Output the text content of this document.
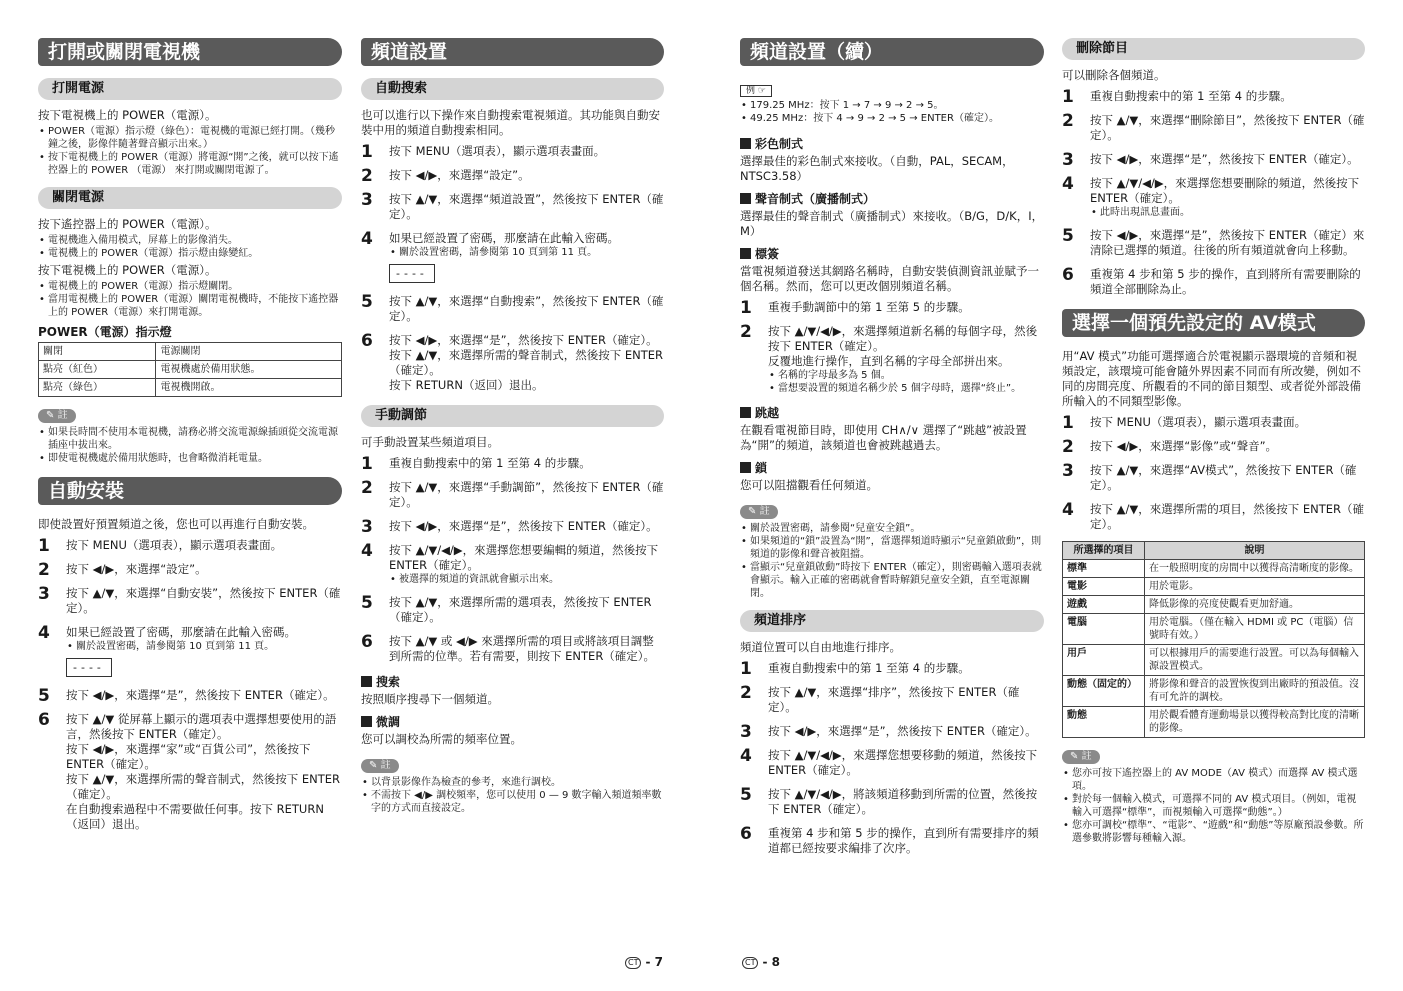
打開或關閉電視機
打開電源
按下電視機上的 POWER（電源）。
• POWER（電源）指示燈（綠色）：電視機的電源已經打開。（幾秒鐘之後，影像伴隨著聲音顯示出來。）
• 按下電視機上的 POWER（電源）將電源“開”之後，就可以按下遙控器上的 POWER （電源） 來打開或關閉電源了。
關閉電源
按下遙控器上的 POWER（電源）。
• 電視機進入備用模式，屏幕上的影像消失。
• 電視機上的 POWER（電源）指示燈由綠變紅。
按下電視機上的 POWER（電源）。
• 電視機上的 POWER（電源）指示燈關閉。
• 當用電視機上的 POWER（電源）關閉電視機時，不能按下遙控器上的 POWER（電源）來打開電源。
POWER（電源）指示燈
關閉	電源關閉
點亮（紅色）	電視機處於備用狀態。
點亮（綠色）	電視機開啟。
✎ 註
• 如果長時間不使用本電視機，請務必將交流電源線插頭從交流電源插座中拔出來。
• 即使電視機處於備用狀態時，也會略微消耗電量。
自動安裝
即使設置好預置頻道之後，您也可以再進行自動安裝。
1 按下 MENU（選項表），顯示選項表畫面。
2 按下 ◀/▶，來選擇“設定”。
3 按下 ▲/▼，來選擇“自動安裝”，然後按下 ENTER（確定）。
4 如果已經設置了密碼，那麼請在此輸入密碼。
• 關於設置密碼，請參閱第 10 頁到第 11 頁。
----
5 按下 ◀/▶，來選擇“是”，然後按下 ENTER（確定）。
6 按下 ▲/▼ 從屏幕上顯示的選項表中選擇想要使用的語言，然後按下 ENTER（確定）。
按下 ◀/▶，來選擇“家”或“百貨公司”，然後按下 ENTER（確定）。
按下 ▲/▼，來選擇所需的聲音制式，然後按下 ENTER（確定）。
在自動搜索過程中不需要做任何事。按下 RETURN（返回）退出。
頻道設置
自動搜索
也可以進行以下操作來自動搜索電視頻道。其功能與自動安裝中用的頻道自動搜索相同。
1 按下 MENU（選項表），顯示選項表畫面。
2 按下 ◀/▶，來選擇“設定”。
3 按下 ▲/▼，來選擇“頻道設置”，然後按下 ENTER（確定）。
4 如果已經設置了密碼，那麼請在此輸入密碼。
• 關於設置密碼，請參閱第 10 頁到第 11 頁。
----
5 按下 ▲/▼，來選擇“自動搜索”，然後按下 ENTER（確定）。
6 按下 ◀/▶，來選擇“是”，然後按下 ENTER（確定）。
按下 ▲/▼，來選擇所需的聲音制式，然後按下 ENTER（確定）。
按下 RETURN（返回）退出。
手動調節
可手動設置某些頻道項目。
1 重複自動搜索中的第 1 至第 4 的步驟。
2 按下 ▲/▼，來選擇“手動調節”，然後按下 ENTER（確定）。
3 按下 ◀/▶，來選擇“是”，然後按下 ENTER（確定）。
4 按下 ▲/▼/◀/▶，來選擇您想要編輯的頻道，然後按下 ENTER（確定）。
• 被選擇的頻道的資訊就會顯示出來。
5 按下 ▲/▼，來選擇所需的選項表，然後按下 ENTER（確定）。
6 按下 ▲/▼ 或 ◀/▶ 來選擇所需的項目或將該項目調整到所需的位準。若有需要，則按下 ENTER（確定）。
搜索
按照順序搜尋下一個頻道。
微調
您可以調校為所需的頻率位置。
✎ 註
• 以背景影像作為檢查的參考，來進行調校。
• 不需按下 ◀/▶ 調校頻率，您可以使用 0 — 9 數字輸入頻道頻率數字的方式而直接設定。
頻道設置（續）
例 ☞
• 179.25 MHz：按下 1 → 7 → 9 → 2 → 5。
• 49.25 MHz：按下 4 → 9 → 2 → 5 → ENTER（確定）。
彩色制式
選擇最佳的彩色制式來接收。（自動，PAL，SECAM，NTSC3.58）
聲音制式（廣播制式）
選擇最佳的聲音制式（廣播制式）來接收。（B/G，D/K，I，M）
標簽
當電視頻道發送其網路名稱時，自動安裝偵測資訊並賦予一個名稱。然而，您可以更改個別頻道名稱。
1 重複手動調節中的第 1 至第 5 的步驟。
2 按下 ▲/▼/◀/▶，來選擇頻道新名稱的每個字母，然後按下 ENTER（確定）。
反覆地進行操作，直到名稱的字母全部拼出來。
• 名稱的字母最多為 5 個。
• 當想要設置的頻道名稱少於 5 個字母時，選擇“終止”。
跳越
在觀看電視節目時，即使用 CH∧/∨ 選擇了“跳越”被設置為“開”的頻道，該頻道也會被跳越過去。
鎖
您可以阻擋觀看任何頻道。
✎ 註
• 關於設置密碼，請參閱“兒童安全鎖”。
• 如果頻道的“鎖”設置為“開”，當選擇頻道時顯示“兒童鎖啟動”，則頻道的影像和聲音被阻擋。
• 當顯示“兒童鎖啟動”時按下 ENTER（確定），則密碼輸入選項表就會顯示。輸入正確的密碼就會暫時解鎖兒童安全鎖，直至電源關閉。
頻道排序
頻道位置可以自由地進行排序。
1 重複自動搜索中的第 1 至第 4 的步驟。
2 按下 ▲/▼，來選擇“排序”，然後按下 ENTER（確定）。
3 按下 ◀/▶，來選擇“是”，然後按下 ENTER（確定）。
4 按下 ▲/▼/◀/▶，來選擇您想要移動的頻道，然後按下 ENTER（確定）。
5 按下 ▲/▼/◀/▶，將該頻道移動到所需的位置，然後按下 ENTER（確定）。
6 重複第 4 步和第 5 步的操作，直到所有需要排序的頻道都已經按要求編排了次序。
刪除節目
可以刪除各個頻道。
1 重複自動搜索中的第 1 至第 4 的步驟。
2 按下 ▲/▼，來選擇“刪除節目”，然後按下 ENTER（確定）。
3 按下 ◀/▶，來選擇“是”，然後按下 ENTER（確定）。
4 按下 ▲/▼/◀/▶，來選擇您想要刪除的頻道，然後按下 ENTER（確定）。
• 此時出現訊息畫面。
5 按下 ◀/▶，來選擇“是”，然後按下 ENTER（確定）來清除已選擇的頻道。往後的所有頻道就會向上移動。
6 重複第 4 步和第 5 步的操作，直到將所有需要刪除的頻道全部刪除為止。
選擇一個預先設定的 AV模式
用“AV 模式”功能可選擇適合於電視顯示器環境的音頻和視頻設定，該環境可能會隨外界因素不同而有所改變，例如不同的房間亮度、所觀看的不同的節目類型、或者從外部設備所輸入的不同類型影像。
1 按下 MENU（選項表），顯示選項表畫面。
2 按下 ◀/▶，來選擇“影像”或“聲音”。
3 按下 ▲/▼，來選擇“AV模式”，然後按下 ENTER（確定）。
4 按下 ▲/▼，來選擇所需的項目，然後按下 ENTER（確定）。
所選擇的項目	說明
標準	在一般照明度的房間中以獲得高清晰度的影像。
電影	用於電影。
遊戲	降低影像的亮度使觀看更加舒適。
電腦	用於電腦。（僅在輸入 HDMI 或 PC（電腦）信號時有效。）
用戶	可以根據用戶的需要進行設置。可以為每個輸入源設置模式。
動態（固定的）	將影像和聲音的設置恢復到出廠時的預設值。沒有可允許的調校。
動態	用於觀看體育運動場景以獲得較高對比度的清晰的影像。
✎ 註
• 您亦可按下遙控器上的 AV MODE（AV 模式）而選擇 AV 模式選項。
• 對於每一個輸入模式，可選擇不同的 AV 模式項目。（例如，電視輸入可選擇“標準”，而視頻輸入可選擇“動態”。）
• 您亦可調校“標準”、“電影”、“遊戲”和“動態”等原廠預設參數。所選參數將影響每種輸入源。
CT - 7	CT - 8
